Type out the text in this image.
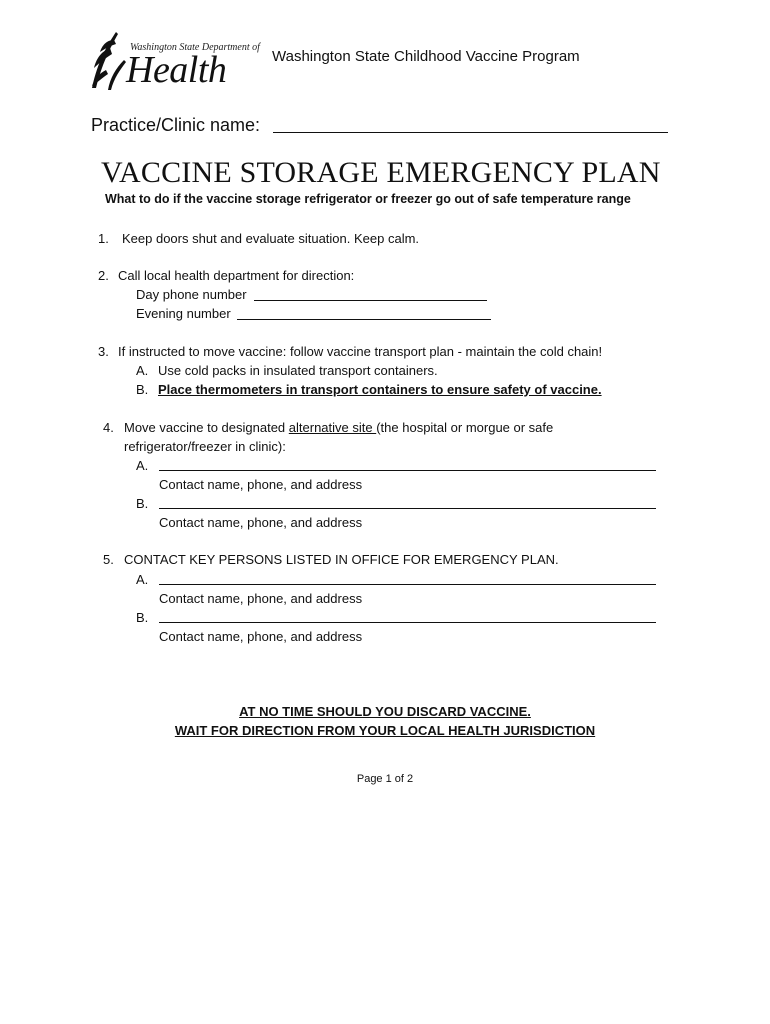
Washington State Department of
Health	Washington State Childhood Vaccine Program
Practice/Clinic name:
VACCINE STORAGE EMERGENCY PLAN
What to do if the vaccine storage refrigerator or freezer go out of safe temperature range
1. Keep doors shut and evaluate situation. Keep calm.
2. Call local health department for direction:
Day phone number
Evening number
3. If instructed to move vaccine: follow vaccine transport plan - maintain the cold chain!
A. Use cold packs in insulated transport containers.
B. Place thermometers in transport containers to ensure safety of vaccine.
4. Move vaccine to designated alternative site (the hospital or morgue or safe
refrigerator/freezer in clinic):
A.
Contact name, phone, and address
B.
Contact name, phone, and address
5. CONTACT KEY PERSONS LISTED IN OFFICE FOR EMERGENCY PLAN.
A.
Contact name, phone, and address
B.
Contact name, phone, and address
AT NO TIME SHOULD YOU DISCARD VACCINE.
WAIT FOR DIRECTION FROM YOUR LOCAL HEALTH JURISDICTION
Page 1 of 2
